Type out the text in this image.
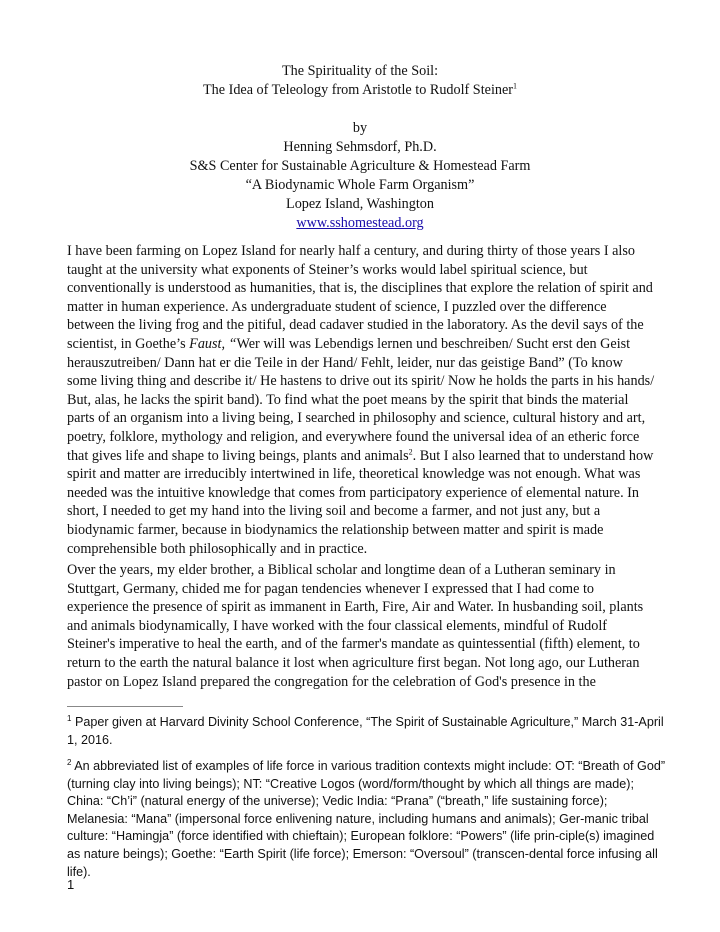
The Spirituality of the Soil:
The Idea of Teleology from Aristotle to Rudolf Steiner$^1$
by
Henning Sehmsdorf, Ph.D.
S&S Center for Sustainable Agriculture & Homestead Farm
“A Biodynamic Whole Farm Organism”
Lopez Island, Washington
www.sshomestead.org

I have been farming on Lopez Island for nearly half a century, and during thirty of those years I also taught at the university what exponents of Steiner’s works would label spiritual science, but conventionally is understood as humanities, that is, the disciplines that explore the relation of spirit and matter in human experience. As undergraduate student of science, I puzzled over the difference between the living frog and the pitiful, dead cadaver studied in the laboratory. As the devil says of the scientist, in Goethe’s Faust, “Wer will was Lebendigs lernen und beschreiben/ Sucht erst den Geist herauszutreiben/ Dann hat er die Teile in der Hand/ Fehlt, leider, nur das geistige Band” (To know some living thing and describe it/ He hastens to drive out its spirit/ Now he holds the parts in his hands/ But, alas, he lacks the spirit band). To find what the poet means by the spirit that binds the material parts of an organism into a living being, I searched in philosophy and science, cultural history and art, poetry, folklore, mythology and religion, and everywhere found the universal idea of an etheric force that gives life and shape to living beings, plants and animals$^2$. But I also learned that to understand how spirit and matter are irreducibly intertwined in life, theoretical knowledge was not enough. What was needed was the intuitive knowledge that comes from participatory experience of elemental nature. In short, I needed to get my hand into the living soil and become a farmer, and not just any, but a biodynamic farmer, because in biodynamics the relationship between matter and spirit is made comprehensible both philosophically and in practice.

Over the years, my elder brother, a Biblical scholar and longtime dean of a Lutheran seminary in Stuttgart, Germany, chided me for pagan tendencies whenever I expressed that I had come to experience the presence of spirit as immanent in Earth, Fire, Air and Water. In husbanding soil, plants and animals biodynamically, I have worked with the four classical elements, mindful of Rudolf Steiner's imperative to heal the earth, and of the farmer's mandate as quintessential (fifth) element, to return to the earth the natural balance it lost when agriculture first began. Not long ago, our Lutheran pastor on Lopez Island prepared the congregation for the celebration of God's presence in the

$^1$ Paper given at Harvard Divinity School Conference, “The Spirit of Sustainable Agriculture,” March 31-April 1, 2016.

$^2$ An abbreviated list of examples of life force in various tradition contexts might include: OT: “Breath of God” (turning clay into living beings); NT: “Creative Logos (word/form/thought by which all things are made); China: “Ch’i” (natural energy of the universe); Vedic India: “Prana” (“breath,” life sustaining force); Melanesia: “Mana” (impersonal force enlivening nature, including humans and animals); Ger-manic tribal culture: “Hamingja” (force identified with chieftain); European folklore: “Powers” (life prin-ciple(s) imagined as nature beings); Goethe: “Earth Spirit (life force); Emerson: “Oversoul” (transcen-dental force infusing all life).

1
